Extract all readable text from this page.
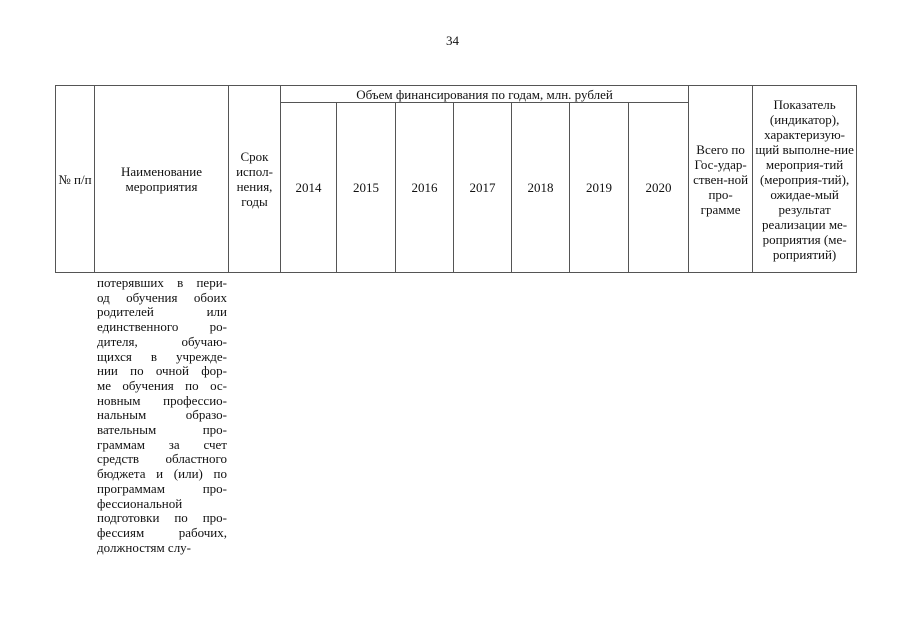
34
№ п/п	Наименование мероприятия	Срок испол-нения, годы	Объем финансирования по годам, млн. рублей							Всего по Гос-удар-ствен-ной про-грамме	Показатель (индикатор), характеризую-щий выполне-ние мероприя-тий (мероприя-тий), ожидае-мый результат реализации ме-роприятия (ме-роприятий)
			2014	2015	2016	2017	2018	2019	2020		
потерявших в пери-
од обучения обоих
родителей или
единственного ро-
дителя, обучаю-
щихся в учрежде-
нии по очной фор-
ме обучения по ос-
новным профессио-
нальным образо-
вательным про-
граммам за счет
средств областного
бюджета и (или) по
программам про-
фессиональной
подготовки по про-
фессиям рабочих,
должностям слу-
